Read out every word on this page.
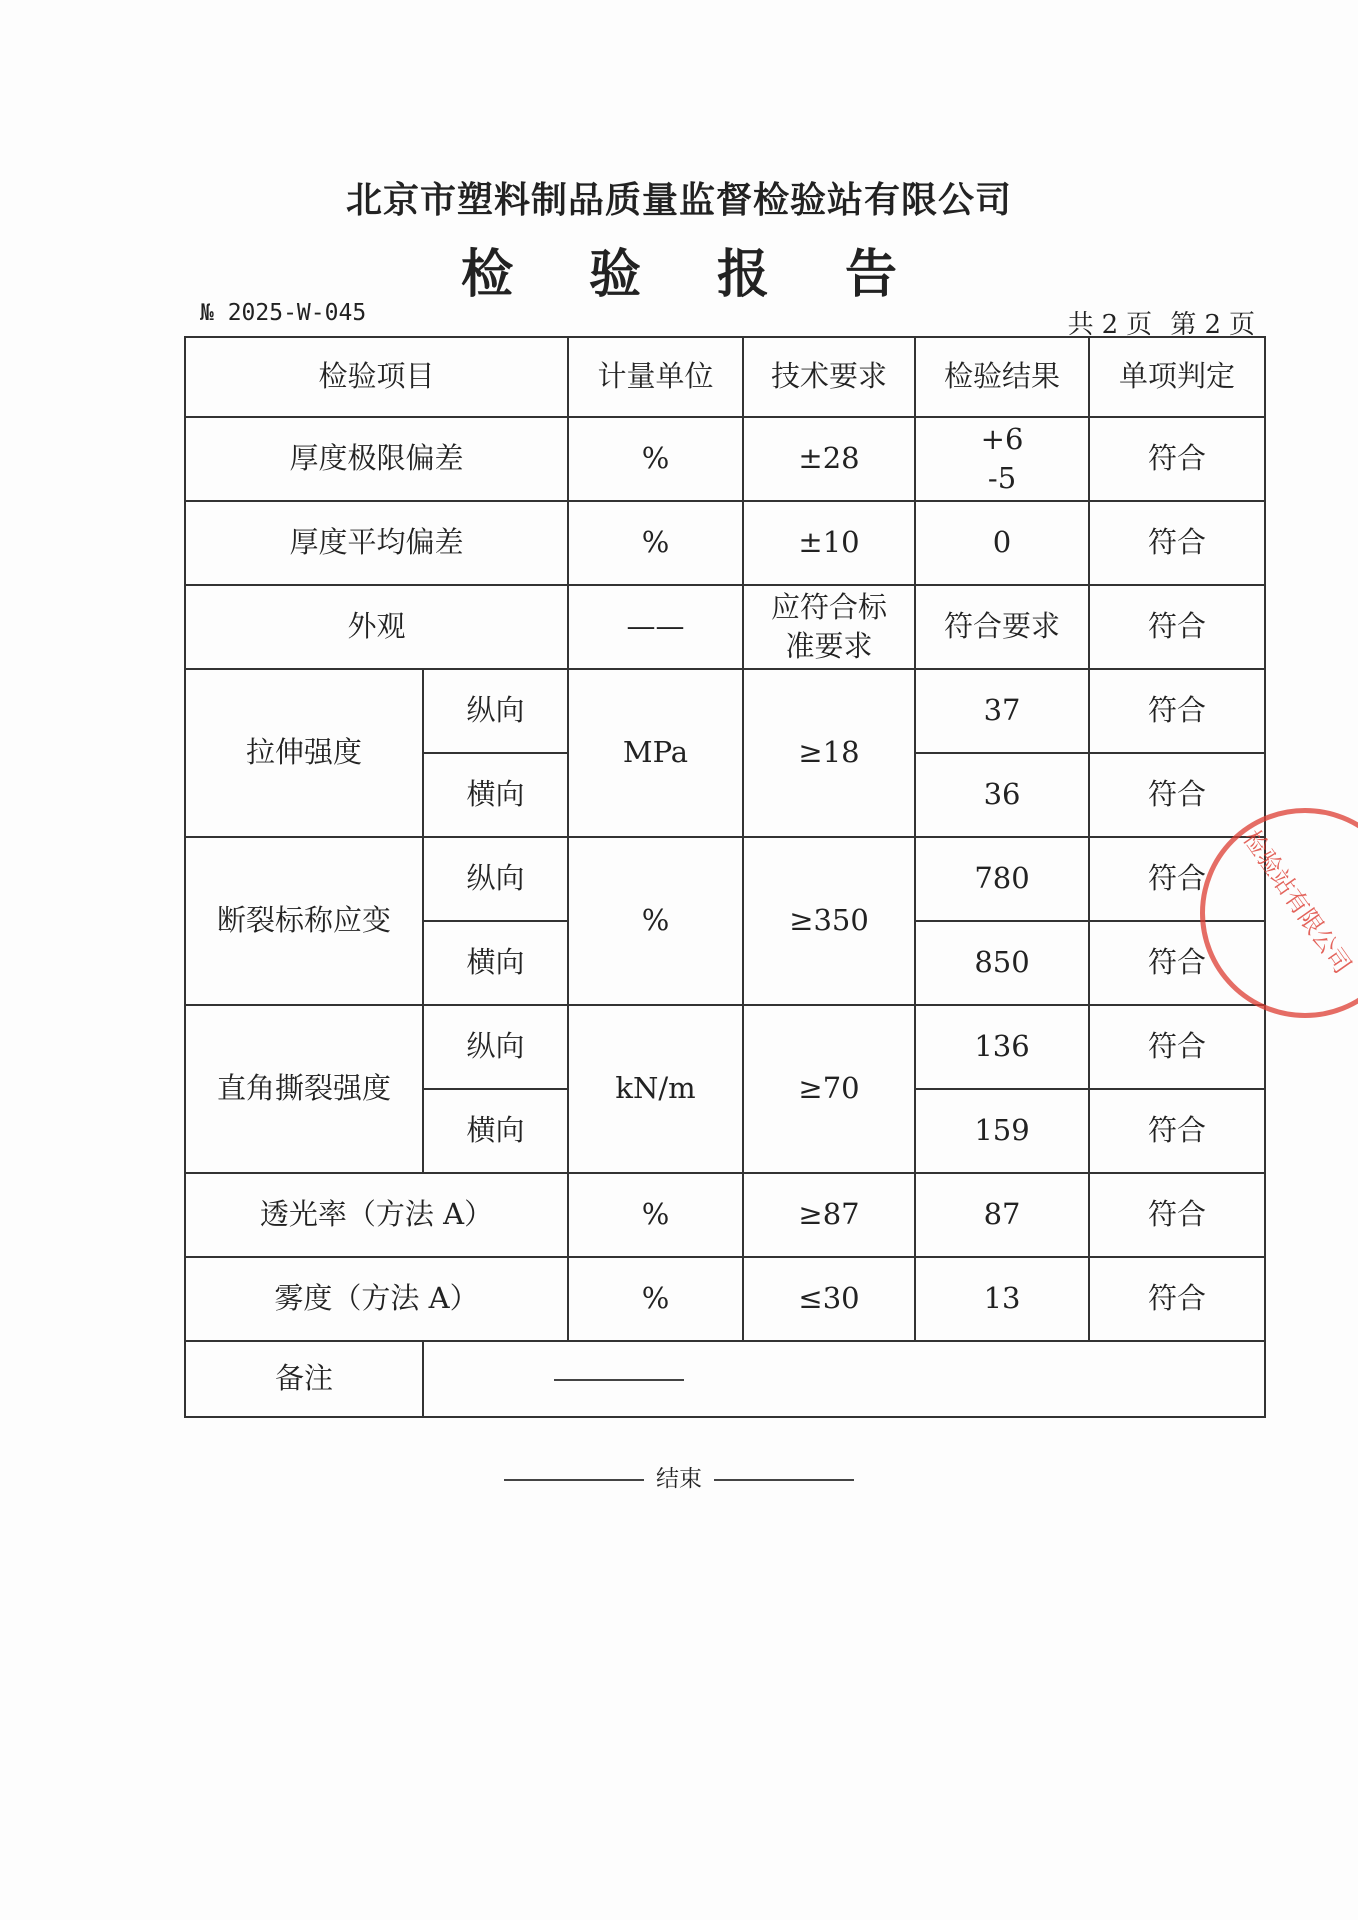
北京市塑料制品质量监督检验站有限公司
检验报告
№ 2025-W-045	共 2 页 第 2 页
检验项目		计量单位	技术要求	检验结果	单项判定
厚度极限偏差		%	±28	+6
-5	符合
厚度平均偏差		%	±10	0	符合
外观		——	应符合标
准要求	符合要求	符合
拉伸强度	纵向	MPa	≥18	37	符合
	横向			36	符合
断裂标称应变	纵向	%	≥350	780	符合
	横向			850	符合
直角撕裂强度	纵向	kN/m	≥70	136	符合
	横向			159	符合
透光率（方法 A）		%	≥87	87	符合
雾度（方法 A）		%	≤30	13	符合
备注					
结束
检验站有限公司
